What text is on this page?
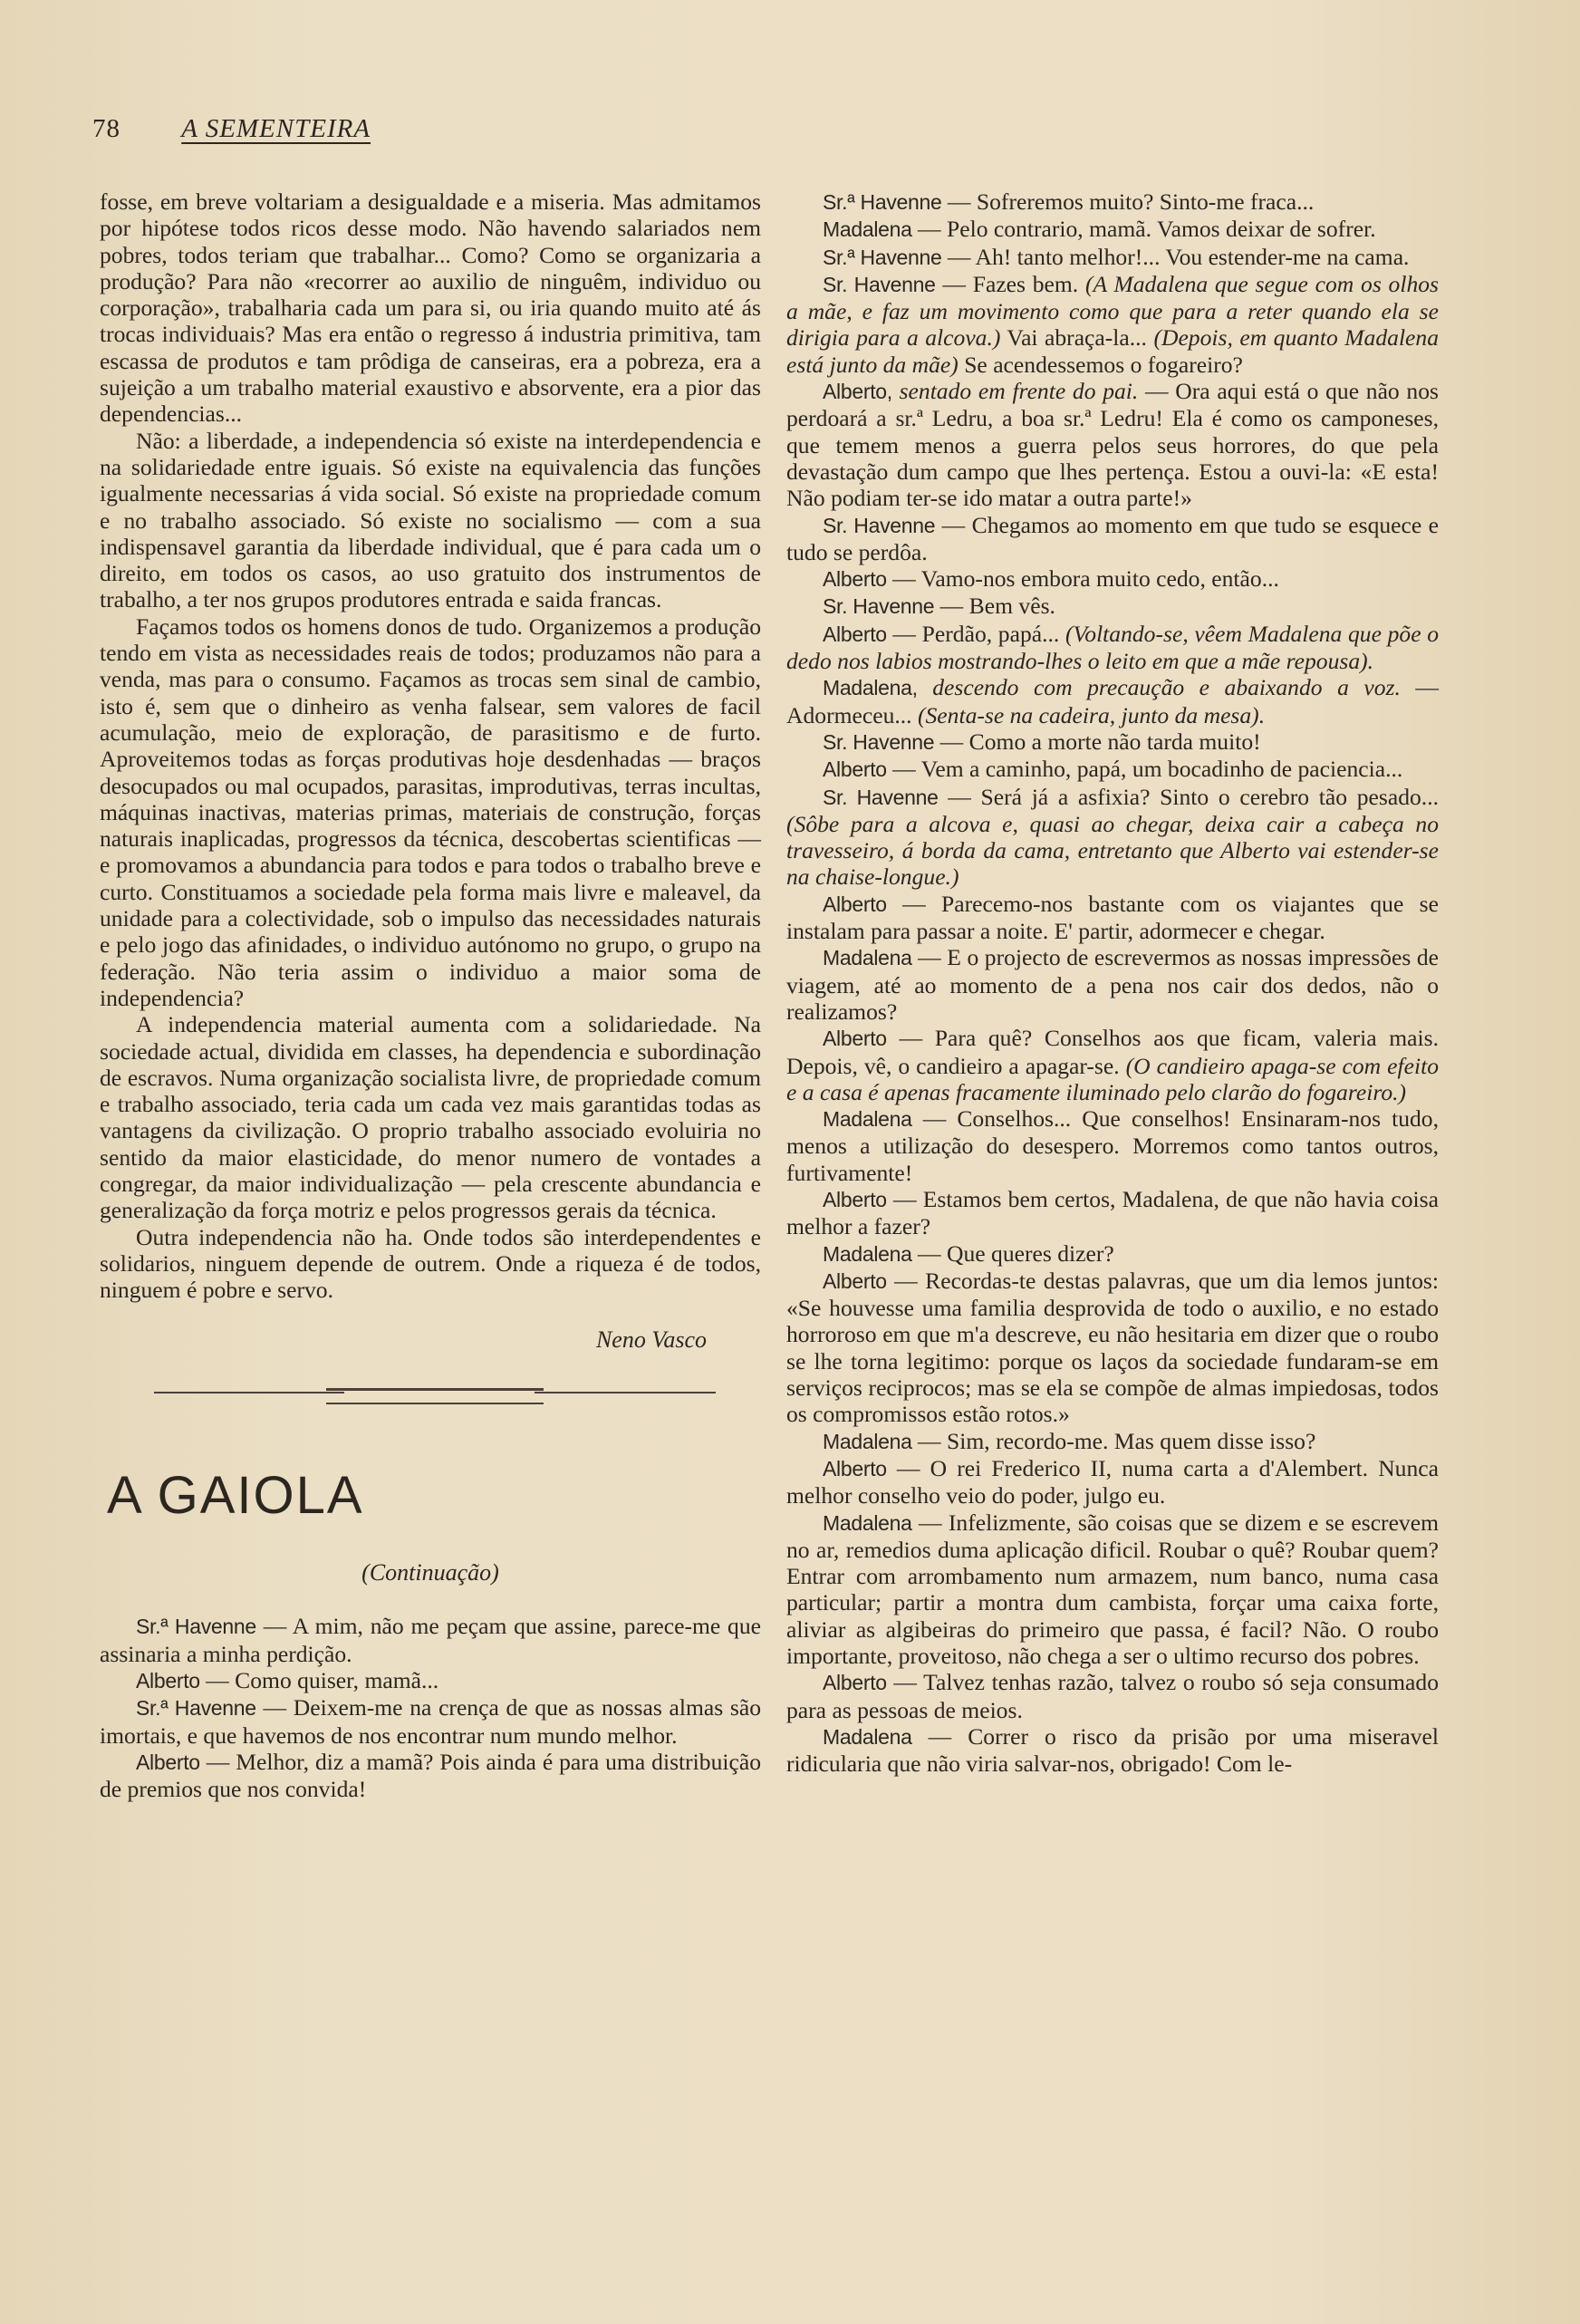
78 A SEMENTEIRA

fosse, em breve voltariam a desigualdade e a miseria. Mas admitamos por hipótese todos ricos desse modo. Não havendo salariados nem pobres, todos teriam que trabalhar... Como? Como se organizaria a produção? Para não «recorrer ao auxilio de ninguêm, individuo ou corporação», trabalharia cada um para si, ou iria quando muito até ás trocas individuais? Mas era então o regresso á industria primitiva, tam escassa de produtos e tam prôdiga de canseiras, era a pobreza, era a sujeição a um trabalho material exaustivo e absorvente, era a pior das dependencias...

Não: a liberdade, a independencia só existe na interdependencia e na solidariedade entre iguais. Só existe na equivalencia das funções igualmente necessarias á vida social. Só existe na propriedade comum e no trabalho associado. Só existe no socialismo — com a sua indispensavel garantia da liberdade individual, que é para cada um o direito, em todos os casos, ao uso gratuito dos instrumentos de trabalho, a ter nos grupos produtores entrada e saida francas.

Façamos todos os homens donos de tudo. Organizemos a produção tendo em vista as necessidades reais de todos; produzamos não para a venda, mas para o consumo. Façamos as trocas sem sinal de cambio, isto é, sem que o dinheiro as venha falsear, sem valores de facil acumulação, meio de exploração, de parasitismo e de furto. Aproveitemos todas as forças produtivas hoje desdenhadas — braços desocupados ou mal ocupados, parasitas, improdutivas, terras incultas, máquinas inactivas, materias primas, materiais de construção, forças naturais inaplicadas, progressos da técnica, descobertas scientificas — e promovamos a abundancia para todos e para todos o trabalho breve e curto. Constituamos a sociedade pela forma mais livre e maleavel, da unidade para a colectividade, sob o impulso das necessidades naturais e pelo jogo das afinidades, o individuo autónomo no grupo, o grupo na federação. Não teria assim o individuo a maior soma de independencia?

A independencia material aumenta com a solidariedade. Na sociedade actual, dividida em classes, ha dependencia e subordinação de escravos. Numa organização socialista livre, de propriedade comum e trabalho associado, teria cada um cada vez mais garantidas todas as vantagens da civilização. O proprio trabalho associado evoluiria no sentido da maior elasticidade, do menor numero de vontades a congregar, da maior individualização — pela crescente abundancia e generalização da força motriz e pelos progressos gerais da técnica.

Outra independencia não ha. Onde todos são interdependentes e solidarios, ninguem depende de outrem. Onde a riqueza é de todos, ninguem é pobre e servo.

Neno Vasco
A GAIOLA
(Continuação)

Sr.ª Havenne — A mim, não me peçam que assine, parece-me que assinaria a minha perdição.

Alberto — Como quiser, mamã...

Sr.ª Havenne — Deixem-me na crença de que as nossas almas são imortais, e que havemos de nos encontrar num mundo melhor.

Alberto — Melhor, diz a mamã? Pois ainda é para uma distribuição de premios que nos convida!

Sr.ª Havenne — Sofreremos muito? Sinto-me fraca...

Madalena — Pelo contrario, mamã. Vamos deixar de sofrer.

Sr.ª Havenne — Ah! tanto melhor!... Vou estender-me na cama.

Sr. Havenne — Fazes bem. (A Madalena que segue com os olhos a mãe, e faz um movimento como que para a reter quando ela se dirigia para a alcova.) Vai abraça-la... (Depois, em quanto Madalena está junto da mãe) Se acendessemos o fogareiro?

Alberto, sentado em frente do pai. — Ora aqui está o que não nos perdoará a sr.ª Ledru, a boa sr.ª Ledru! Ela é como os camponeses, que temem menos a guerra pelos seus horrores, do que pela devastação dum campo que lhes pertença. Estou a ouvi-la: «E esta! Não podiam ter-se ido matar a outra parte!»

Sr. Havenne — Chegamos ao momento em que tudo se esquece e tudo se perdôa.

Alberto — Vamo-nos embora muito cedo, então...

Sr. Havenne — Bem vês.

Alberto — Perdão, papá... (Voltando-se, vêem Madalena que põe o dedo nos labios mostrando-lhes o leito em que a mãe repousa).

Madalena, descendo com precaução e abaixando a voz. — Adormeceu... (Senta-se na cadeira, junto da mesa).

Sr. Havenne — Como a morte não tarda muito!

Alberto — Vem a caminho, papá, um bocadinho de paciencia...

Sr. Havenne — Será já a asfixia? Sinto o cerebro tão pesado... (Sôbe para a alcova e, quasi ao chegar, deixa cair a cabeça no travesseiro, á borda da cama, entretanto que Alberto vai estender-se na chaise-longue.)

Alberto — Parecemo-nos bastante com os viajantes que se instalam para passar a noite. E' partir, adormecer e chegar.

Madalena — E o projecto de escrevermos as nossas impressões de viagem, até ao momento de a pena nos cair dos dedos, não o realizamos?

Alberto — Para quê? Conselhos aos que ficam, valeria mais. Depois, vê, o candieiro a apagar-se. (O candieiro apaga-se com efeito e a casa é apenas fracamente iluminado pelo clarão do fogareiro.)

Madalena — Conselhos... Que conselhos! Ensinaram-nos tudo, menos a utilização do desespero. Morremos como tantos outros, furtivamente!

Alberto — Estamos bem certos, Madalena, de que não havia coisa melhor a fazer?

Madalena — Que queres dizer?

Alberto — Recordas-te destas palavras, que um dia lemos juntos: «Se houvesse uma familia desprovida de todo o auxilio, e no estado horroroso em que m'a descreve, eu não hesitaria em dizer que o roubo se lhe torna legitimo: porque os laços da sociedade fundaram-se em serviços reciprocos; mas se ela se compõe de almas impiedosas, todos os compromissos estão rotos.»

Madalena — Sim, recordo-me. Mas quem disse isso?

Alberto — O rei Frederico II, numa carta a d'Alembert. Nunca melhor conselho veio do poder, julgo eu.

Madalena — Infelizmente, são coisas que se dizem e se escrevem no ar, remedios duma aplicação dificil. Roubar o quê? Roubar quem? Entrar com arrombamento num armazem, num banco, numa casa particular; partir a montra dum cambista, forçar uma caixa forte, aliviar as algibeiras do primeiro que passa, é facil? Não. O roubo importante, proveitoso, não chega a ser o ultimo recurso dos pobres.

Alberto — Talvez tenhas razão, talvez o roubo só seja consumado para as pessoas de meios.

Madalena — Correr o risco da prisão por uma miseravel ridicularia que não viria salvar-nos, obrigado! Com le-
